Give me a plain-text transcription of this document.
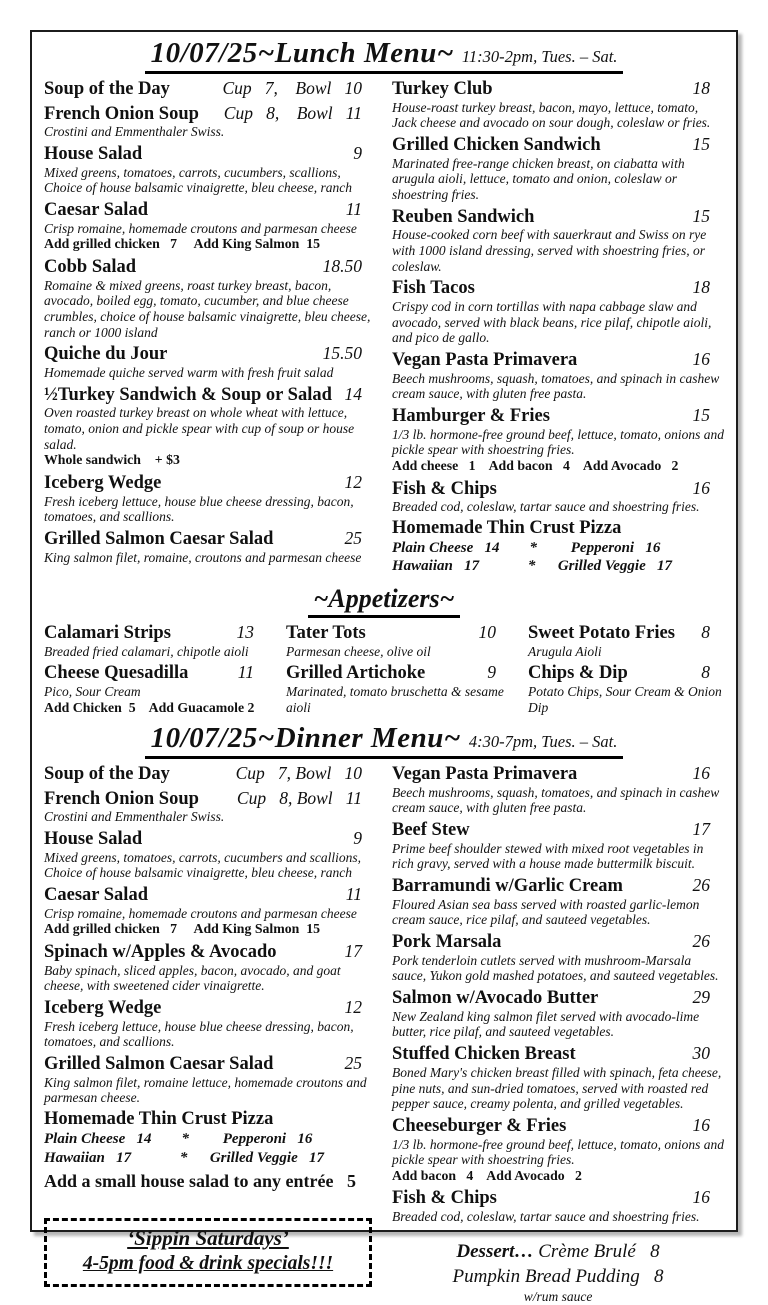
10/07/25~Lunch Menu~ 11:30-2pm, Tues. – Sat.
Soup of the Day	Cup   7,    Bowl   10
French Onion Soup Cup   8,    Bowl   11
Crostini and Emmenthaler Swiss.
House Salad	9
Mixed greens, tomatoes, carrots, cucumbers, scallions, Choice of house balsamic vinaigrette, bleu cheese, ranch
Caesar Salad	11
Crisp romaine, homemade croutons and parmesan cheese
Add grilled chicken   7     Add King Salmon  15
Cobb Salad	18.50
Romaine & mixed greens, roast turkey breast, bacon, avocado, boiled egg, tomato, cucumber, and blue cheese crumbles, choice of house balsamic vinaigrette, bleu cheese, ranch or 1000 island
Quiche du Jour	15.50
Homemade quiche served warm with fresh fruit salad
½Turkey Sandwich & Soup or Salad 14
Oven roasted turkey breast on whole wheat with lettuce, tomato, onion and pickle spear with cup of soup or house salad.
Whole sandwich    + $3
Iceberg Wedge	12
Fresh iceberg lettuce, house blue cheese dressing, bacon, tomatoes, and scallions.
Grilled Salmon Caesar Salad	25
King salmon filet, romaine, croutons and parmesan cheese
Turkey Club	18
House-roast turkey breast, bacon, mayo, lettuce, tomato, Jack cheese and avocado on sour dough, coleslaw or fries.
Grilled Chicken Sandwich	15
Marinated free-range chicken breast, on ciabatta with arugula aioli, lettuce, tomato and onion, coleslaw or shoestring fries.
Reuben Sandwich	15
House-cooked corn beef with sauerkraut and Swiss on rye with 1000 island dressing, served with shoestring fries, or coleslaw.
Fish Tacos	18
Crispy cod in corn tortillas with napa cabbage slaw and avocado, served with black beans, rice pilaf, chipotle aioli, and pico de gallo.
Vegan Pasta Primavera	16
Beech mushrooms, squash, tomatoes, and spinach in cashew cream sauce, with gluten free pasta.
Hamburger & Fries	15
1/3 lb. hormone-free ground beef, lettuce, tomato, onions and pickle spear with shoestring fries.
Add cheese   1    Add bacon   4    Add Avocado   2
Fish & Chips	16
Breaded cod, coleslaw, tartar sauce and shoestring fries.
Homemade Thin Crust Pizza
Plain Cheese   14        *         Pepperoni   16
Hawaiian   17             *      Grilled Veggie   17
~Appetizers~
Calamari Strips	13
Breaded fried calamari, chipotle aioli
Cheese Quesadilla	11
Pico, Sour Cream
Add Chicken  5    Add Guacamole 2
Tater Tots	10
Parmesan cheese, olive oil
Grilled Artichoke	9
Marinated, tomato bruschetta & sesame aioli
Sweet Potato Fries 8
Arugula Aioli
Chips & Dip	8
Potato Chips, Sour Cream & Onion Dip
10/07/25~Dinner Menu~ 4:30-7pm, Tues. – Sat.
Soup of the Day	Cup   7, Bowl   10
French Onion Soup Cup   8, Bowl   11
Crostini and Emmenthaler Swiss.
House Salad	9
Mixed greens, tomatoes, carrots, cucumbers and scallions, Choice of house balsamic vinaigrette, bleu cheese, ranch
Caesar Salad	11
Crisp romaine, homemade croutons and parmesan cheese
Add grilled chicken   7     Add King Salmon  15
Spinach w/Apples & Avocado	17
Baby spinach, sliced apples, bacon, avocado, and goat cheese, with sweetened cider vinaigrette.
Iceberg Wedge	12
Fresh iceberg lettuce, house blue cheese dressing, bacon, tomatoes, and scallions.
Grilled Salmon Caesar Salad	25
King salmon filet, romaine lettuce, homemade croutons and parmesan cheese.
Homemade Thin Crust Pizza
Plain Cheese   14        *         Pepperoni   16
Hawaiian   17             *      Grilled Veggie   17
Add a small house salad to any entrée   5
‘Sippin Saturdays’
4-5pm food & drink specials!!!
Vegan Pasta Primavera	16
Beech mushrooms, squash, tomatoes, and spinach in cashew cream sauce, with gluten free pasta.
Beef Stew	17
Prime beef shoulder stewed with mixed root vegetables in rich gravy, served with a house made buttermilk biscuit.
Barramundi w/Garlic Cream	26
Floured Asian sea bass served with roasted garlic-lemon cream sauce, rice pilaf, and sauteed vegetables.
Pork Marsala	26
Pork tenderloin cutlets served with mushroom-Marsala sauce, Yukon gold mashed potatoes, and sauteed vegetables.
Salmon w/Avocado Butter	29
New Zealand king salmon filet served with avocado-lime butter, rice pilaf, and sauteed vegetables.
Stuffed Chicken Breast	30
Boned Mary's chicken breast filled with spinach, feta cheese, pine nuts, and sun-dried tomatoes, served with roasted red pepper sauce, creamy polenta, and grilled vegetables.
Cheeseburger & Fries	16
1/3 lb. hormone-free ground beef, lettuce, tomato, onions and pickle spear with shoestring fries.
Add bacon   4    Add Avocado   2
Fish & Chips	16
Breaded cod, coleslaw, tartar sauce and shoestring fries.
Dessert… Crème Brulé   8
Pumpkin Bread Pudding   8
w/rum sauce
